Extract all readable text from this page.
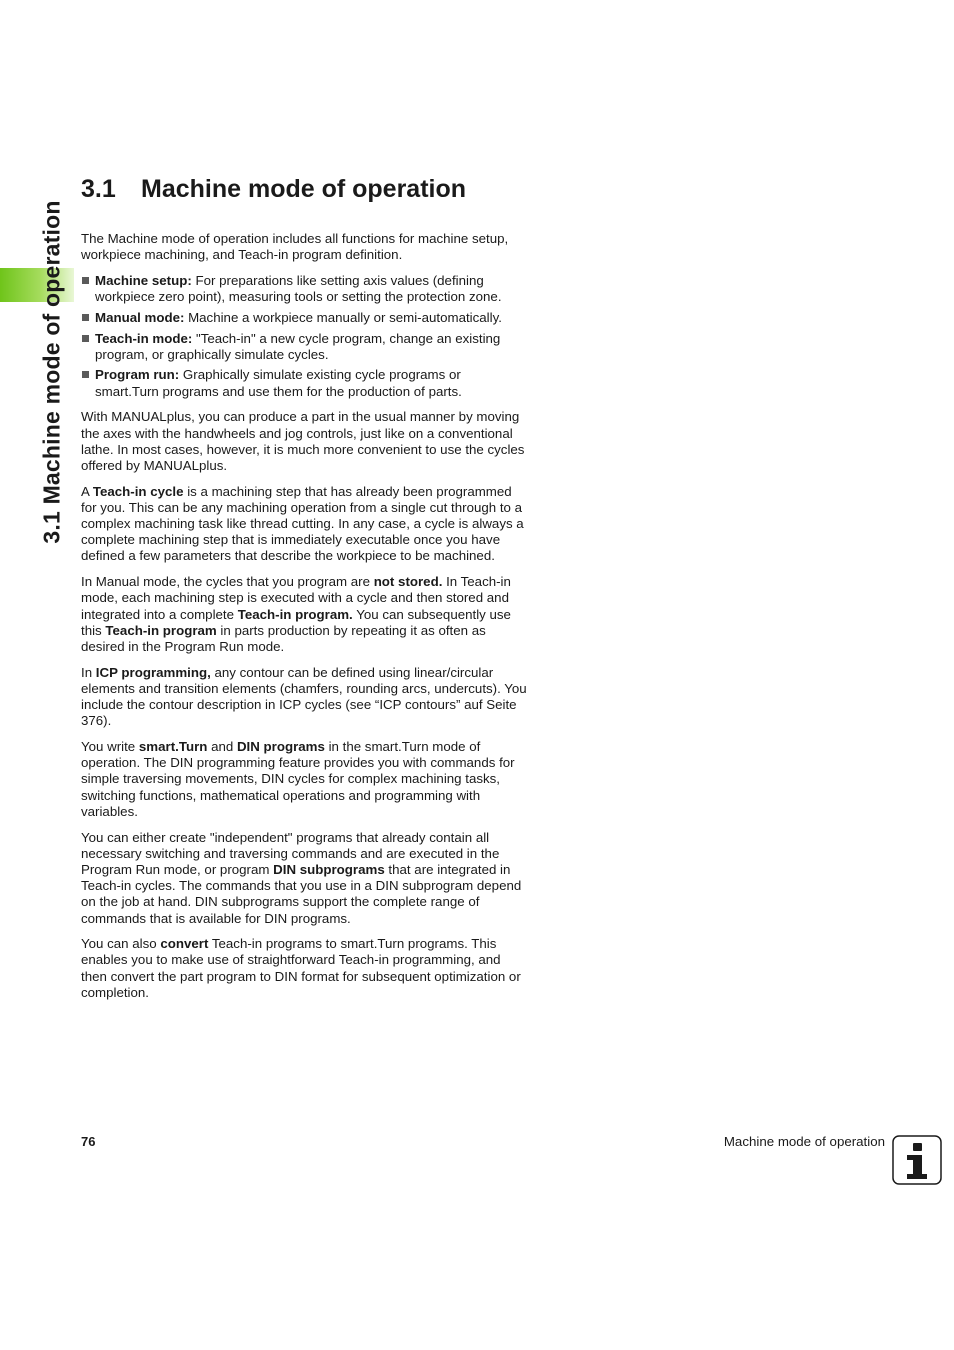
3.1 Machine mode of operation
3.1 Machine mode of operation

The Machine mode of operation includes all functions for machine setup, workpiece machining, and Teach-in program definition.

Machine setup: For preparations like setting axis values (defining workpiece zero point), measuring tools or setting the protection zone.
Manual mode: Machine a workpiece manually or semi-automatically.
Teach-in mode: "Teach-in" a new cycle program, change an existing program, or graphically simulate cycles.
Program run: Graphically simulate existing cycle programs or smart.Turn programs and use them for the production of parts.

With MANUALplus, you can produce a part in the usual manner by moving the axes with the handwheels and jog controls, just like on a conventional lathe. In most cases, however, it is much more convenient to use the cycles offered by MANUALplus.

A Teach-in cycle is a machining step that has already been programmed for you. This can be any machining operation from a single cut through to a complex machining task like thread cutting. In any case, a cycle is always a complete machining step that is immediately executable once you have defined a few parameters that describe the workpiece to be machined.

In Manual mode, the cycles that you program are not stored. In Teach-in mode, each machining step is executed with a cycle and then stored and integrated into a complete Teach-in program. You can subsequently use this Teach-in program in parts production by repeating it as often as desired in the Program Run mode.

In ICP programming, any contour can be defined using linear/circular elements and transition elements (chamfers, rounding arcs, undercuts). You include the contour description in ICP cycles (see “ICP contours” auf Seite 376).

You write smart.Turn and DIN programs in the smart.Turn mode of operation. The DIN programming feature provides you with commands for simple traversing movements, DIN cycles for complex machining tasks, switching functions, mathematical operations and programming with variables.

You can either create "independent" programs that already contain all necessary switching and traversing commands and are executed in the Program Run mode, or program DIN subprograms that are integrated in Teach-in cycles. The commands that you use in a DIN subprogram depend on the job at hand. DIN subprograms support the complete range of commands that is available for DIN programs.

You can also convert Teach-in programs to smart.Turn programs. This enables you to make use of straightforward Teach-in programming, and then convert the part program to DIN format for subsequent optimization or completion.

76	Machine mode of operation
